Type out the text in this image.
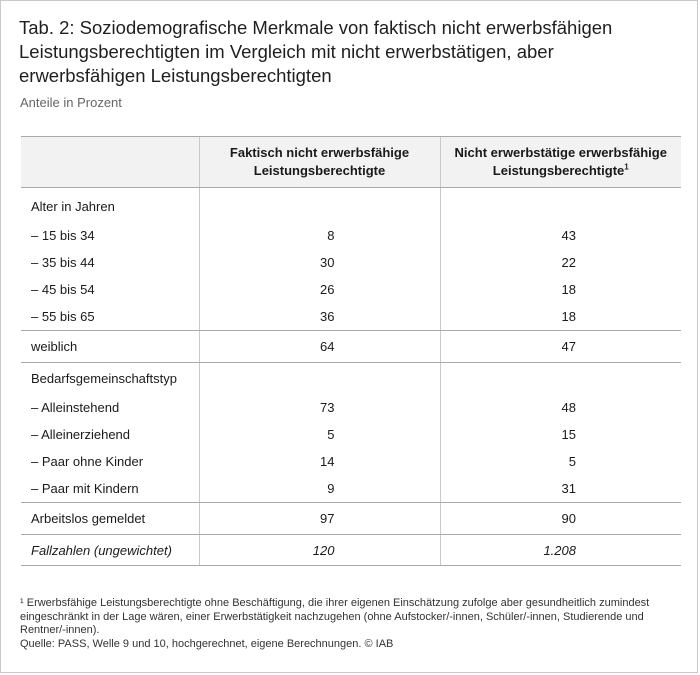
Tab. 2: Soziodemografische Merkmale von faktisch nicht erwerbsfähigen Leistungsberechtigten im Vergleich mit nicht erwerbstätigen, aber erwerbsfähigen Leistungsberechtigten
Anteile in Prozent
	Faktisch nicht erwerbsfähige Leistungsberechtigte	Nicht erwerbstätige erwerbsfähige Leistungsberechtigte$^1$
Alter in Jahren		
– 15 bis 34	8	43
– 35 bis 44	30	22
– 45 bis 54	26	18
– 55 bis 65	36	18
weiblich	64	47
Bedarfsgemeinschaftstyp		
– Alleinstehend	73	48
– Alleinerziehend	5	15
– Paar ohne Kinder	14	5
– Paar mit Kindern	9	31
Arbeitslos gemeldet	97	90
Fallzahlen (ungewichtet)	120	1.208

¹ Erwerbsfähige Leistungsberechtigte ohne Beschäftigung, die ihrer eigenen Einschätzung zufolge aber gesundheitlich zumindest eingeschränkt in der Lage wären, einer Erwerbstätigkeit nachzugehen (ohne Aufstocker/-innen, Schüler/-innen, Studierende und Rentner/-innen).

Quelle: PASS, Welle 9 und 10, hochgerechnet, eigene Berechnungen. © IAB
